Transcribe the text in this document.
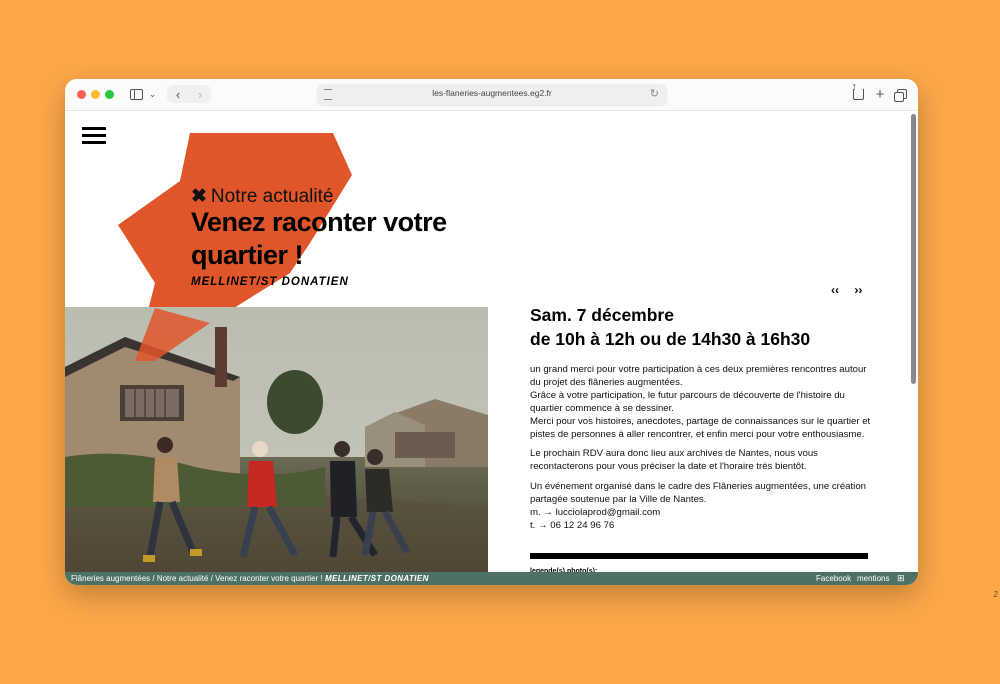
2
⌄	‹	›	les-flaneries-augmentees.eg2.fr	↻
↑	+
✖ Notre actualité
Venez raconter votre quartier !
MELLINET/ST DONATIEN
‹‹ ››
Sam. 7 décembre
de 10h à 12h ou de 14h30 à 16h30

un grand merci pour votre participation à ces deux premières rencontres autour du projet des flâneries augmentées.
Grâce à votre participation, le futur parcours de découverte de l'histoire du quartier commence à se dessiner.
Merci pour vos histoires, anecdotes, partage de connaissances sur le quartier et pistes de personnes à aller rencontrer, et enfin merci pour votre enthousiasme.

Le prochain RDV aura donc lieu aux archives de Nantes, nous vous recontacterons pour vous préciser la date et l'horaire très bientôt.

Un événement organisé dans le cadre des Flâneries augmentées, une création partagée soutenue par la Ville de Nantes.
m. → lucciolaprod@gmail.com
t. → 06 12 24 96 76

Flâneries augmentées / Notre actualité / Venez raconter votre quartier ! MELLINET/ST DONATIEN	Facebook mentions ⊞
